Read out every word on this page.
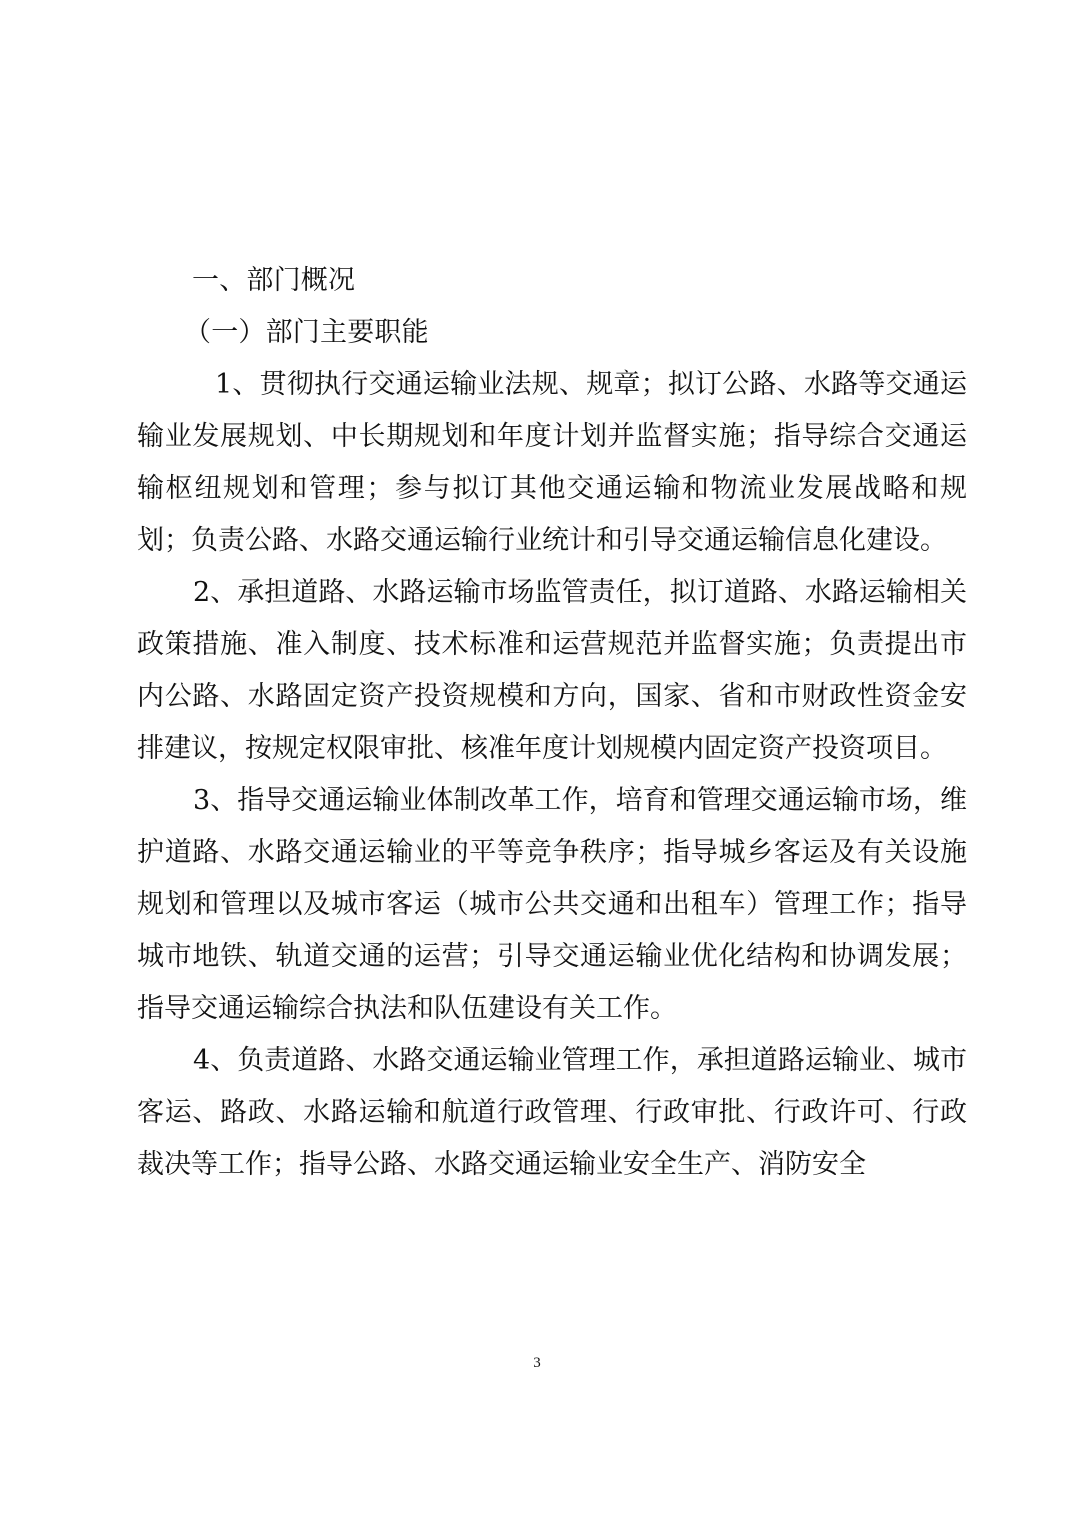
一、部门概况
（一）部门主要职能
1、贯彻执行交通运输业法规、规章；拟订公路、水路等交通运输业发展规划、中长期规划和年度计划并监督实施；指导综合交通运输枢纽规划和管理；参与拟订其他交通运输和物流业发展战略和规划；负责公路、水路交通运输行业统计和引导交通运输信息化建设。
2、承担道路、水路运输市场监管责任，拟订道路、水路运输相关政策措施、准入制度、技术标准和运营规范并监督实施；负责提出市内公路、水路固定资产投资规模和方向，国家、省和市财政性资金安排建议，按规定权限审批、核准年度计划规模内固定资产投资项目。
3、指导交通运输业体制改革工作，培育和管理交通运输市场，维护道路、水路交通运输业的平等竞争秩序；指导城乡客运及有关设施规划和管理以及城市客运（城市公共交通和出租车）管理工作；指导城市地铁、轨道交通的运营；引导交通运输业优化结构和协调发展；指导交通运输综合执法和队伍建设有关工作。
4、负责道路、水路交通运输业管理工作，承担道路运输业、城市客运、路政、水路运输和航道行政管理、行政审批、行政许可、行政裁决等工作；指导公路、水路交通运输业安全生产、消防安全
3
